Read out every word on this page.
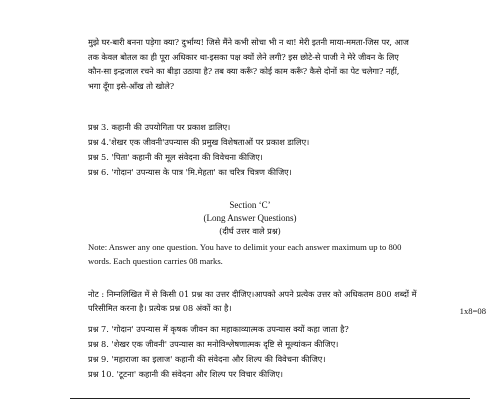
मुझे घर-बारी बनना पड़ेगा क्या? दुर्भाग्य! जिसे मैंने कभी सोचा भी न था! मेरी इतनी माया-ममता-जिस पर, आज
तक केवल बोतल का ही पूरा अधिकार था-इसका पक्ष क्यों लेने लगी? इस छोटे-से पाजी ने मेरे जीवन के लिए
कौन-सा इन्द्रजाल रचने का बीड़ा उठाया है? तब क्या करूँ? कोई काम करूँ? कैसे दोनों का पेट चलेगा? नहीं,
भगा दूँगा इसे-आँख तो खोले?
प्रश्न 3. कहानी की उपयोगिता पर प्रकाश डालिए।
प्रश्न 4.'शेखर एक जीवनी'उपन्यास की प्रमुख विशेषताओं पर प्रकाश डालिए।
प्रश्न 5. 'पिता' कहानी की मूल संवेदना की विवेचना कीजिए।
प्रश्न 6. 'गोदान' उपन्यास के पात्र 'मि.मेहता' का चरित्र चित्रण कीजिए।
Section ‘C’
(Long Answer Questions)
(दीर्घ उत्तर वाले प्रश्न)
Note: Answer any one question. You have to delimit your each answer maximum up to 800
words. Each question carries 08 marks.
नोट : निम्नलिखित में से किसी 01 प्रश्न का उत्तर दीजिए।आपको अपने प्रत्येक उत्तर को अधिकतम 800 शब्दों में
परिसीमित करना है। प्रत्येक प्रश्न 08 अंकों का है।	1x8=08
प्रश्न 7. 'गोदान' उपन्यास में कृषक जीवन का महाकाव्यात्मक उपन्यास क्यों कहा जाता है?
प्रश्न 8. 'शेखर एक जीवनी' उपन्यास का मनोविश्लेषणात्मक दृष्टि से मूल्यांकन कीजिए।
प्रश्न 9. 'महाराजा का इलाज' कहानी की संवेदना और शिल्प की विवेचना कीजिए।
प्रश्न 10. 'टूटना' कहानी की संवेदना और शिल्प पर विचार कीजिए।
